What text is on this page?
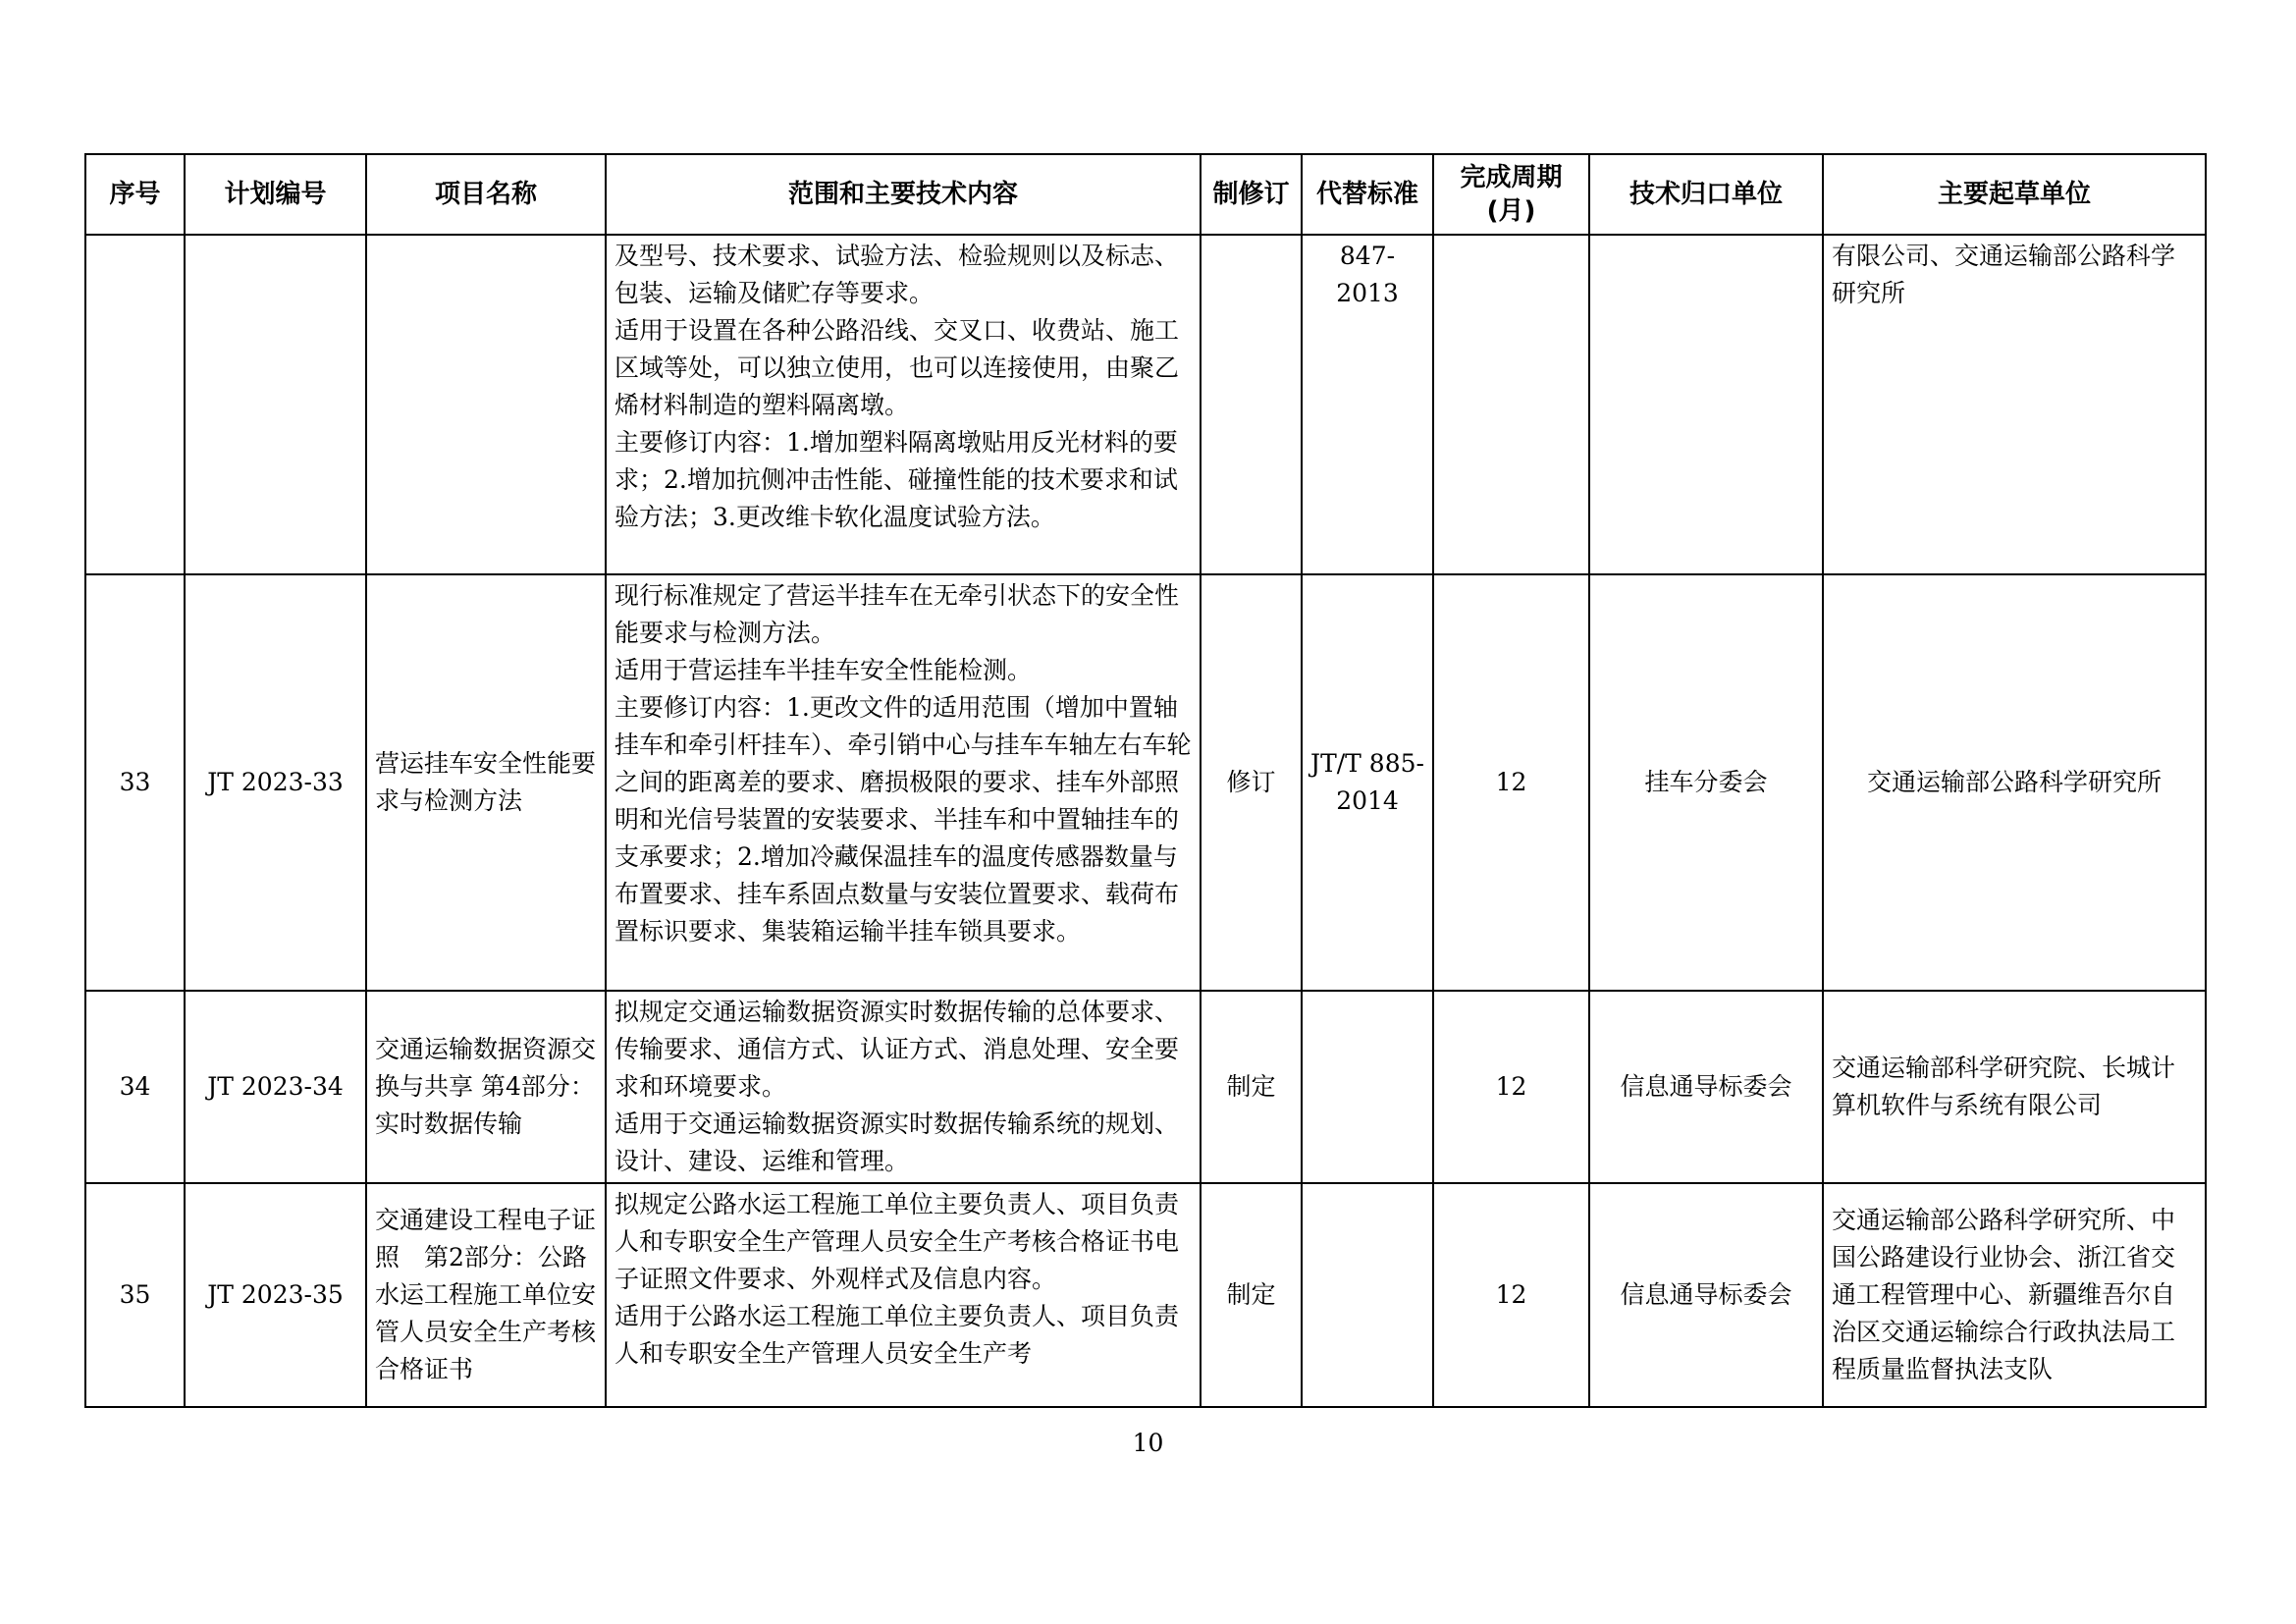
序号	计划编号	项目名称	范围和主要技术内容	制修订	代替标准	完成周期(月)	技术归口单位	主要起草单位

			及型号、技术要求、试验方法、检验规则以及标志、包装、运输及储贮存等要求。
适用于设置在各种公路沿线、交叉口、收费站、施工区域等处，可以独立使用，也可以连接使用，由聚乙烯材料制造的塑料隔离墩。
主要修订内容：1.增加塑料隔离墩贴用反光材料的要求；2.增加抗侧冲击性能、碰撞性能的技术要求和试验方法；3.更改维卡软化温度试验方法。		847-2013			有限公司、交通运输部公路科学研究所
33	JT 2023-33	营运挂车安全性能要求与检测方法	现行标准规定了营运半挂车在无牵引状态下的安全性能要求与检测方法。
适用于营运挂车半挂车安全性能检测。
主要修订内容：1.更改文件的适用范围（增加中置轴挂车和牵引杆挂车）、牵引销中心与挂车车轴左右车轮之间的距离差的要求、磨损极限的要求、挂车外部照明和光信号装置的安装要求、半挂车和中置轴挂车的支承要求；2.增加冷藏保温挂车的温度传感器数量与布置要求、挂车系固点数量与安装位置要求、载荷布置标识要求、集装箱运输半挂车锁具要求。	修订	JT/T 885-2014	12	挂车分委会	交通运输部公路科学研究所
34	JT 2023-34	交通运输数据资源交换与共享 第4部分：实时数据传输	拟规定交通运输数据资源实时数据传输的总体要求、传输要求、通信方式、认证方式、消息处理、安全要求和环境要求。
适用于交通运输数据资源实时数据传输系统的规划、设计、建设、运维和管理。	制定		12	信息通导标委会	交通运输部科学研究院、长城计算机软件与系统有限公司
35	JT 2023-35	交通建设工程电子证照　第2部分：公路水运工程施工单位安管人员安全生产考核合格证书	拟规定公路水运工程施工单位主要负责人、项目负责人和专职安全生产管理人员安全生产考核合格证书电子证照文件要求、外观样式及信息内容。
适用于公路水运工程施工单位主要负责人、项目负责人和专职安全生产管理人员安全生产考	制定		12	信息通导标委会	交通运输部公路科学研究所、中国公路建设行业协会、浙江省交通工程管理中心、新疆维吾尔自治区交通运输综合行政执法局工程质量监督执法支队
10
